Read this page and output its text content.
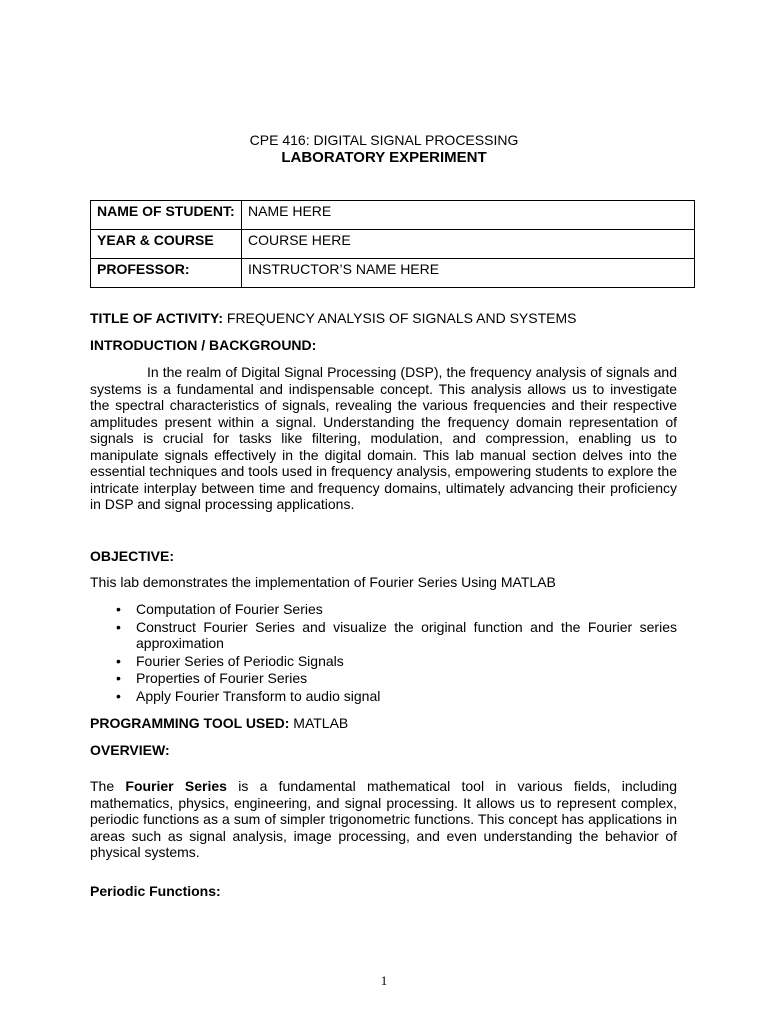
CPE 416: DIGITAL SIGNAL PROCESSING
LABORATORY EXPERIMENT
NAME OF STUDENT:	NAME HERE
YEAR & COURSE	COURSE HERE
PROFESSOR:	INSTRUCTOR’S NAME HERE
TITLE OF ACTIVITY: FREQUENCY ANALYSIS OF SIGNALS AND SYSTEMS
INTRODUCTION / BACKGROUND:
In the realm of Digital Signal Processing (DSP), the frequency analysis of signals and systems is a fundamental and indispensable concept. This analysis allows us to investigate the spectral characteristics of signals, revealing the various frequencies and their respective amplitudes present within a signal. Understanding the frequency domain representation of signals is crucial for tasks like filtering, modulation, and compression, enabling us to manipulate signals effectively in the digital domain. This lab manual section delves into the essential techniques and tools used in frequency analysis, empowering students to explore the intricate interplay between time and frequency domains, ultimately advancing their proficiency in DSP and signal processing applications.
OBJECTIVE:
This lab demonstrates the implementation of Fourier Series Using MATLAB
• Computation of Fourier Series
• Construct Fourier Series and visualize the original function and the Fourier series approximation
• Fourier Series of Periodic Signals
• Properties of Fourier Series
• Apply Fourier Transform to audio signal
PROGRAMMING TOOL USED: MATLAB
OVERVIEW:
The Fourier Series is a fundamental mathematical tool in various fields, including mathematics, physics, engineering, and signal processing. It allows us to represent complex, periodic functions as a sum of simpler trigonometric functions. This concept has applications in areas such as signal analysis, image processing, and even understanding the behavior of physical systems.
Periodic Functions:
1
